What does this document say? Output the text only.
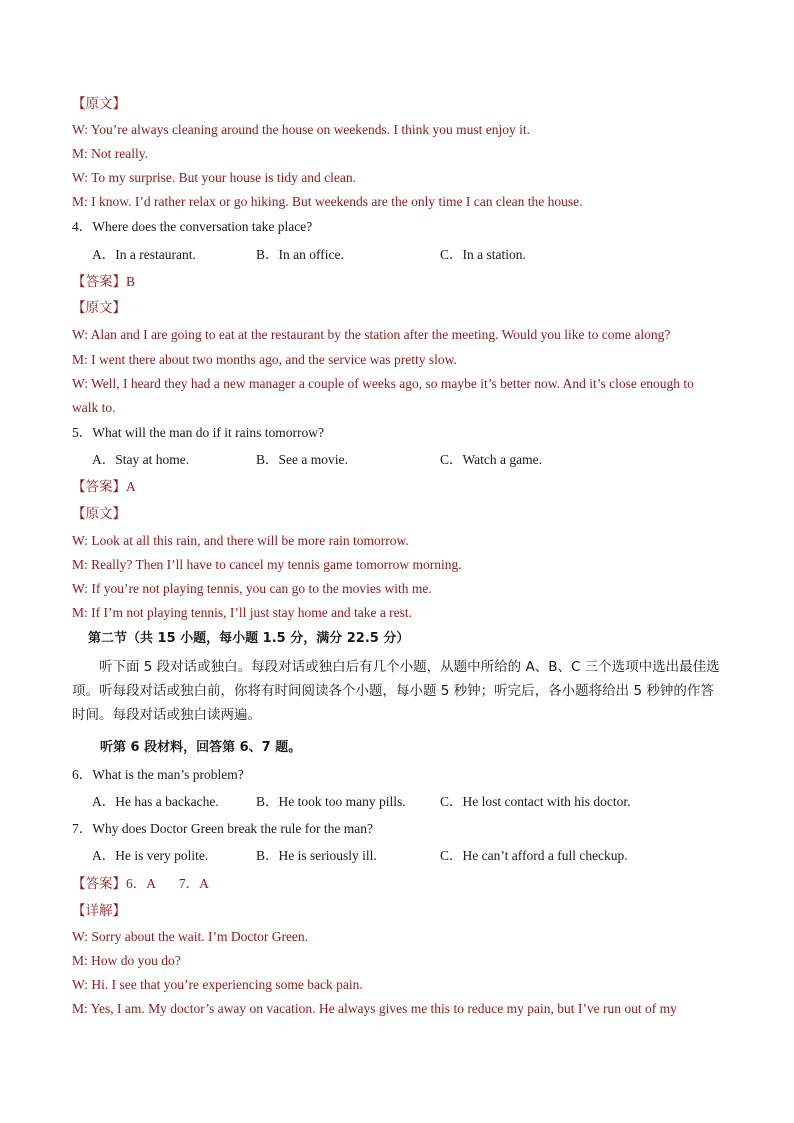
【原文】
W: You’re always cleaning around the house on weekends. I think you must enjoy it.
M: Not really.
W: To my surprise. But your house is tidy and clean.
M: I know. I’d rather relax or go hiking. But weekends are the only time I can clean the house.
4．Where does the conversation take place?
A．In a restaurant.	B．In an office.	C．In a station.
【答案】B
【原文】
W: Alan and I are going to eat at the restaurant by the station after the meeting. Would you like to come along?
M: I went there about two months ago, and the service was pretty slow.
W: Well, I heard they had a new manager a couple of weeks ago, so maybe it’s better now. And it’s close enough to
walk to.
5．What will the man do if it rains tomorrow?
A．Stay at home.	B．See a movie.	C．Watch a game.
【答案】A
【原文】
W: Look at all this rain, and there will be more rain tomorrow.
M: Really? Then I’ll have to cancel my tennis game tomorrow morning.
W: If you’re not playing tennis, you can go to the movies with me.
M: If I’m not playing tennis, I’ll just stay home and take a rest.
第二节（共 15 小题，每小题 1.5 分，满分 22.5 分）
听下面 5 段对话或独白。每段对话或独白后有几个小题，从题中所给的 A、B、C 三个选项中选出最佳选项。听每段对话或独白前，你将有时间阅读各个小题，每小题 5 秒钟；听完后，各小题将给出 5 秒钟的作答时间。每段对话或独白读两遍。
听第 6 段材料，回答第 6、7 题。
6．What is the man’s problem?
A．He has a backache.	B．He took too many pills.	C．He lost contact with his doctor.
7．Why does Doctor Green break the rule for the man?
A．He is very polite.	B．He is seriously ill.	C．He can’t afford a full checkup.
【答案】6．A       7．A
【详解】
W: Sorry about the wait. I’m Doctor Green.
M: How do you do?
W: Hi. I see that you’re experiencing some back pain.
M: Yes, I am. My doctor’s away on vacation. He always gives me this to reduce my pain, but I’ve run out of my
